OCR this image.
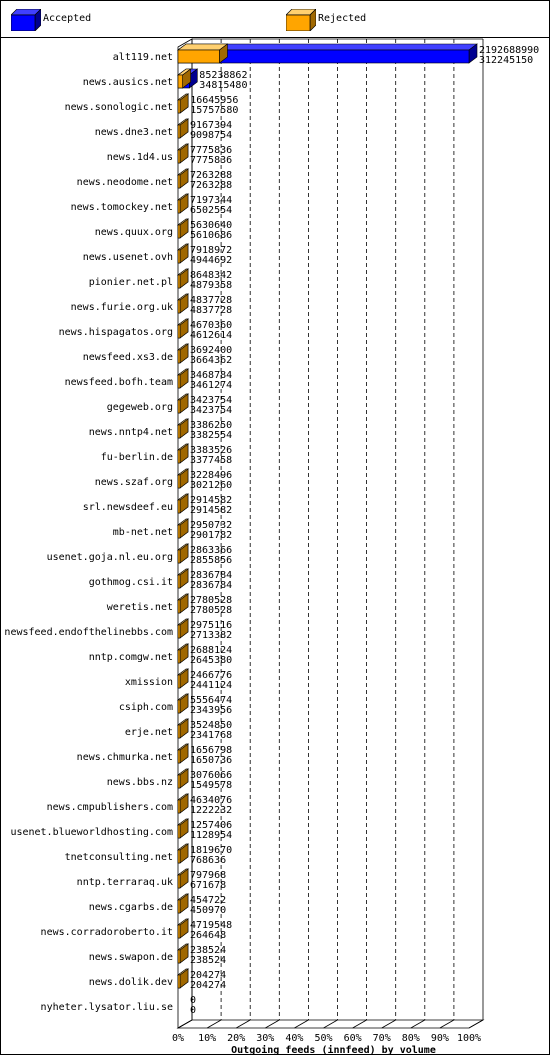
Accepted	Rejected
alt119.net
2192688990
312245150
news.ausics.net
85238862
34815480
news.sonologic.net
16645956
15757580
news.dne3.net
9167394
9098754
news.1d4.us
7775836
7775836
news.neodome.net
7263288
7263288
news.tomockey.net
7197344
6502554
news.quux.org
5630640
5610686
news.usenet.ovh
7918972
4944692
pionier.net.pl
8648342
4879358
news.furie.org.uk
4837728
4837728
news.hispagatos.org
4670360
4612614
newsfeed.xs3.de
3692400
3664362
newsfeed.bofh.team
3468784
3461274
gegeweb.org
3423754
3423754
news.nntp4.net
3386250
3382554
fu-berlin.de
3383526
3377458
news.szaf.org
3228496
3021260
srl.newsdeef.eu
2914582
2914582
mb-net.net
2950732
2901782
usenet.goja.nl.eu.org
2863366
2855856
gothmog.csi.it
2836784
2836784
weretis.net
2780528
2780528
newsfeed.endofthelinebbs.com
2975116
2713382
nntp.comgw.net
2688124
2645380
xmission
2466776
2441124
csiph.com
5556474
2343956
erje.net
3524850
2341768
news.chmurka.net
1656798
1650736
news.bbs.nz
3076066
1549578
news.cmpublishers.com
4634076
1222232
usenet.blueworldhosting.com
1257406
1128954
tnetconsulting.net
1819670
768636
nntp.terraraq.uk
797968
671678
news.cgarbs.de
454722
450970
news.corradoroberto.it
4719548
264648
news.swapon.de
238524
238524
news.dolik.dev
204274
204274
nyheter.lysator.liu.se
0
0
0% 10% 20% 30% 40% 50% 60% 70% 80% 90% 100%
Outgoing feeds (innfeed) by volume
